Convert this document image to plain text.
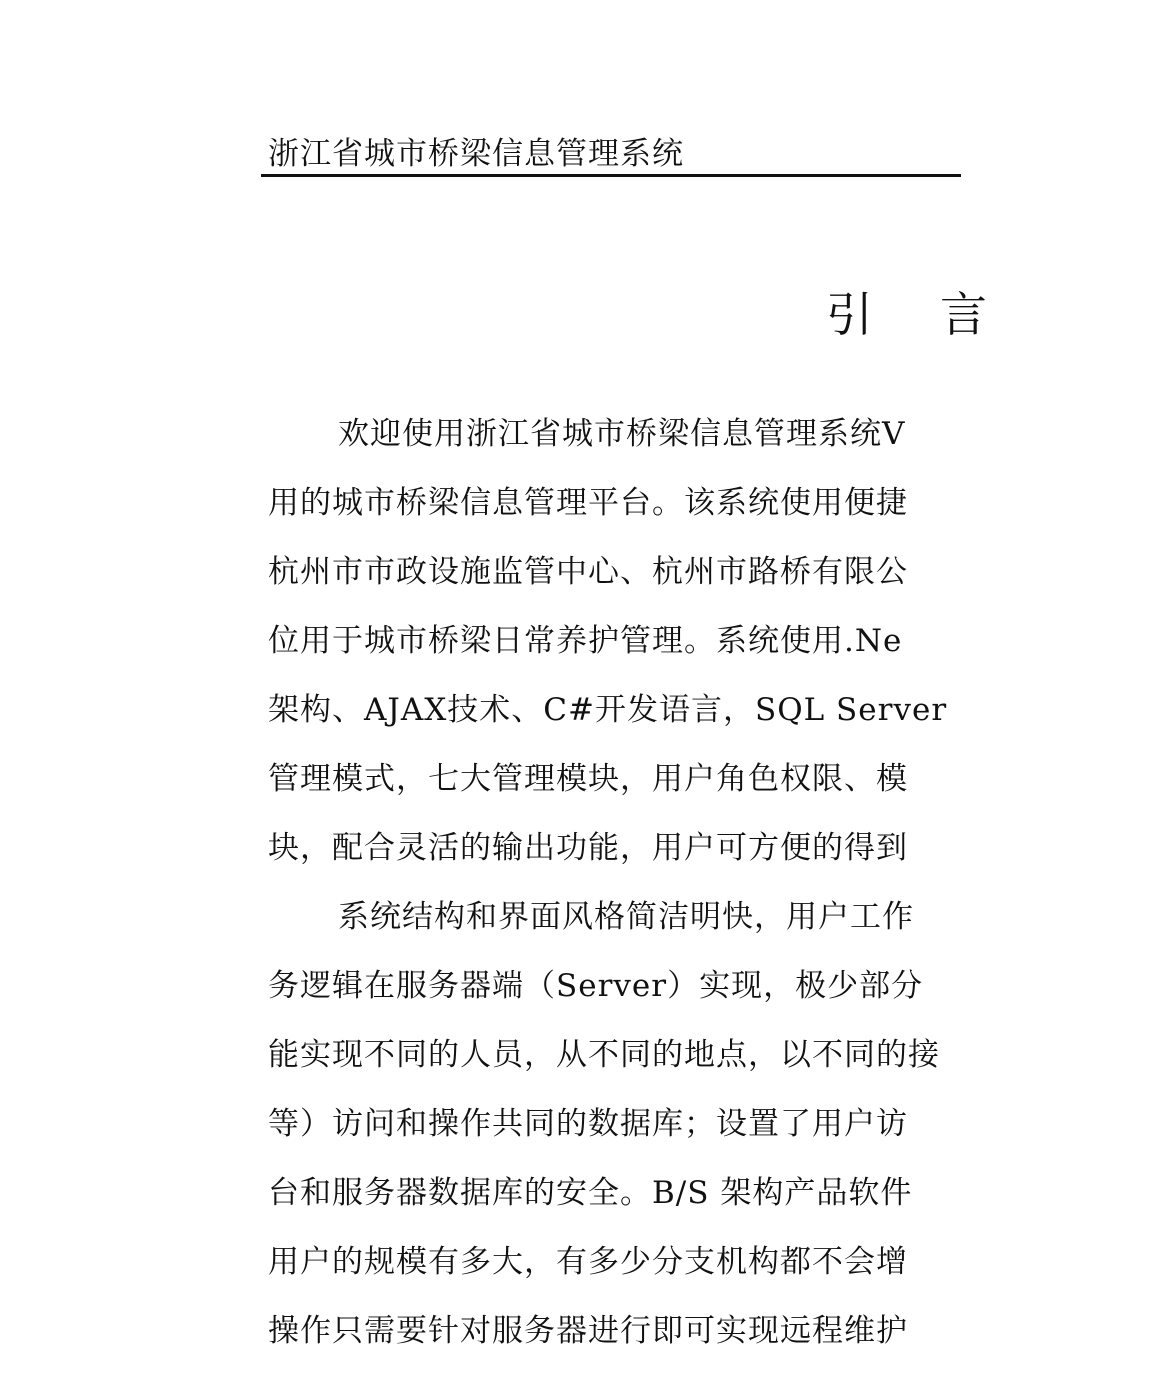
浙江省城市桥梁信息管理系统
引 言
欢迎使用浙江省城市桥梁信息管理系统V
用的城市桥梁信息管理平台。该系统使用便捷
杭州市市政设施监管中心、杭州市路桥有限公
位用于城市桥梁日常养护管理。系统使用.Ne
架构、AJAX技术、C#开发语言，SQL Server
管理模式，七大管理模块，用户角色权限、模
块，配合灵活的输出功能，用户可方便的得到
系统结构和界面风格简洁明快，用户工作
务逻辑在服务器端（Server）实现，极少部分
能实现不同的人员，从不同的地点，以不同的接
等）访问和操作共同的数据库；设置了用户访
台和服务器数据库的安全。B/S 架构产品软件
用户的规模有多大，有多少分支机构都不会增
操作只需要针对服务器进行即可实现远程维护
